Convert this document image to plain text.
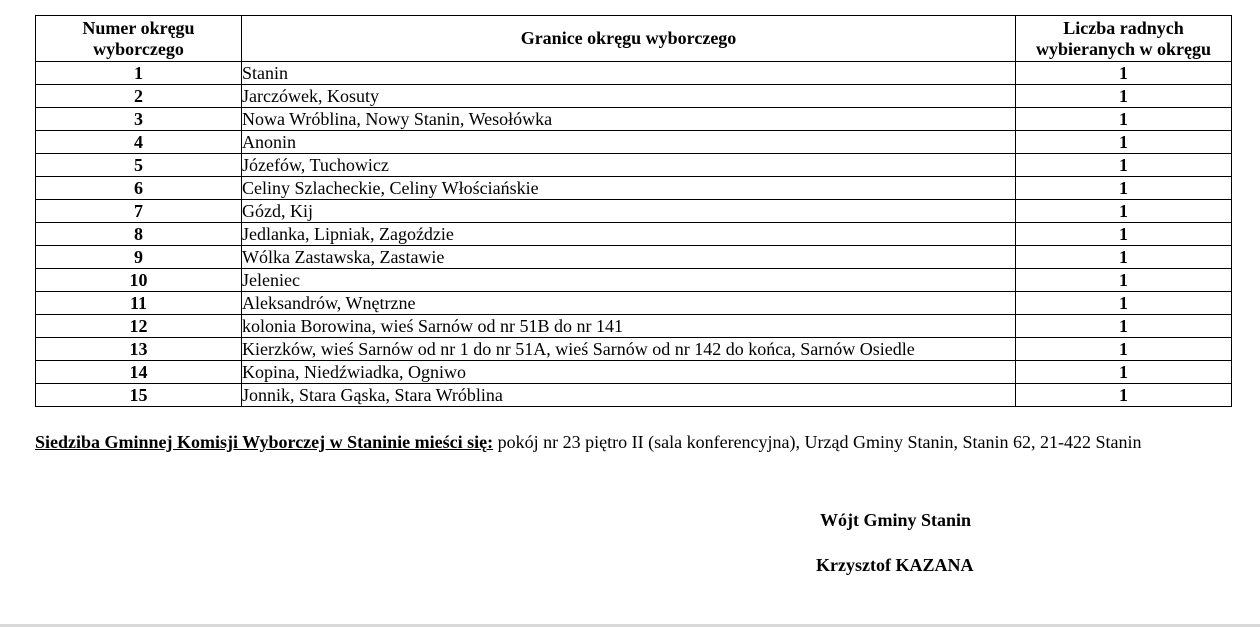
Numer okręgu wyborczego	Granice okręgu wyborczego	Liczba radnych wybieranych w okręgu
1	Stanin	1
2	Jarczówek, Kosuty	1
3	Nowa Wróblina, Nowy Stanin, Wesołówka	1
4	Anonin	1
5	Józefów, Tuchowicz	1
6	Celiny Szlacheckie, Celiny Włościańskie	1
7	Gózd, Kij	1
8	Jedlanka, Lipniak, Zagoździe	1
9	Wólka Zastawska, Zastawie	1
10	Jeleniec	1
11	Aleksandrów, Wnętrzne	1
12	kolonia Borowina, wieś Sarnów od nr 51B do nr 141	1
13	Kierzków, wieś Sarnów od nr 1 do nr 51A, wieś Sarnów od nr 142 do końca, Sarnów Osiedle	1
14	Kopina, Niedźwiadka, Ogniwo	1
15	Jonnik, Stara Gąska, Stara Wróblina	1
Siedziba Gminnej Komisji Wyborczej w Staninie mieści się: pokój nr 23 piętro II (sala konferencyjna), Urząd Gminy Stanin, Stanin 62, 21-422 Stanin
Wójt Gminy Stanin
Krzysztof KAZANA
